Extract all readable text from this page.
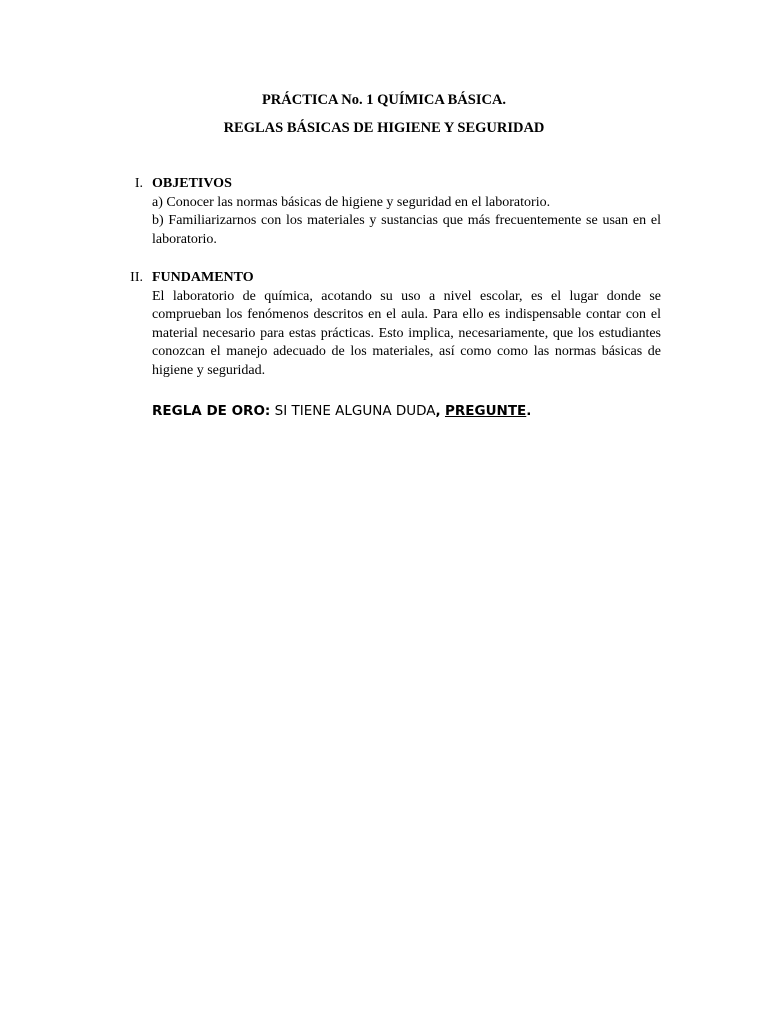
PRÁCTICA No. 1 QUÍMICA BÁSICA.
REGLAS BÁSICAS DE HIGIENE Y SEGURIDAD
I. OBJETIVOS

a) Conocer las normas básicas de higiene y seguridad en el laboratorio.

b) Familiarizarnos con los materiales y sustancias que más frecuentemente se usan en el laboratorio.

II. FUNDAMENTO

El laboratorio de química, acotando su uso a nivel escolar, es el lugar donde se comprueban los fenómenos descritos en el aula. Para ello es indispensable contar con el material necesario para estas prácticas. Esto implica, necesariamente, que los estudiantes conozcan el manejo adecuado de los materiales, así como como las normas básicas de higiene y seguridad.

REGLA DE ORO: SI TIENE ALGUNA DUDA, PREGUNTE.
